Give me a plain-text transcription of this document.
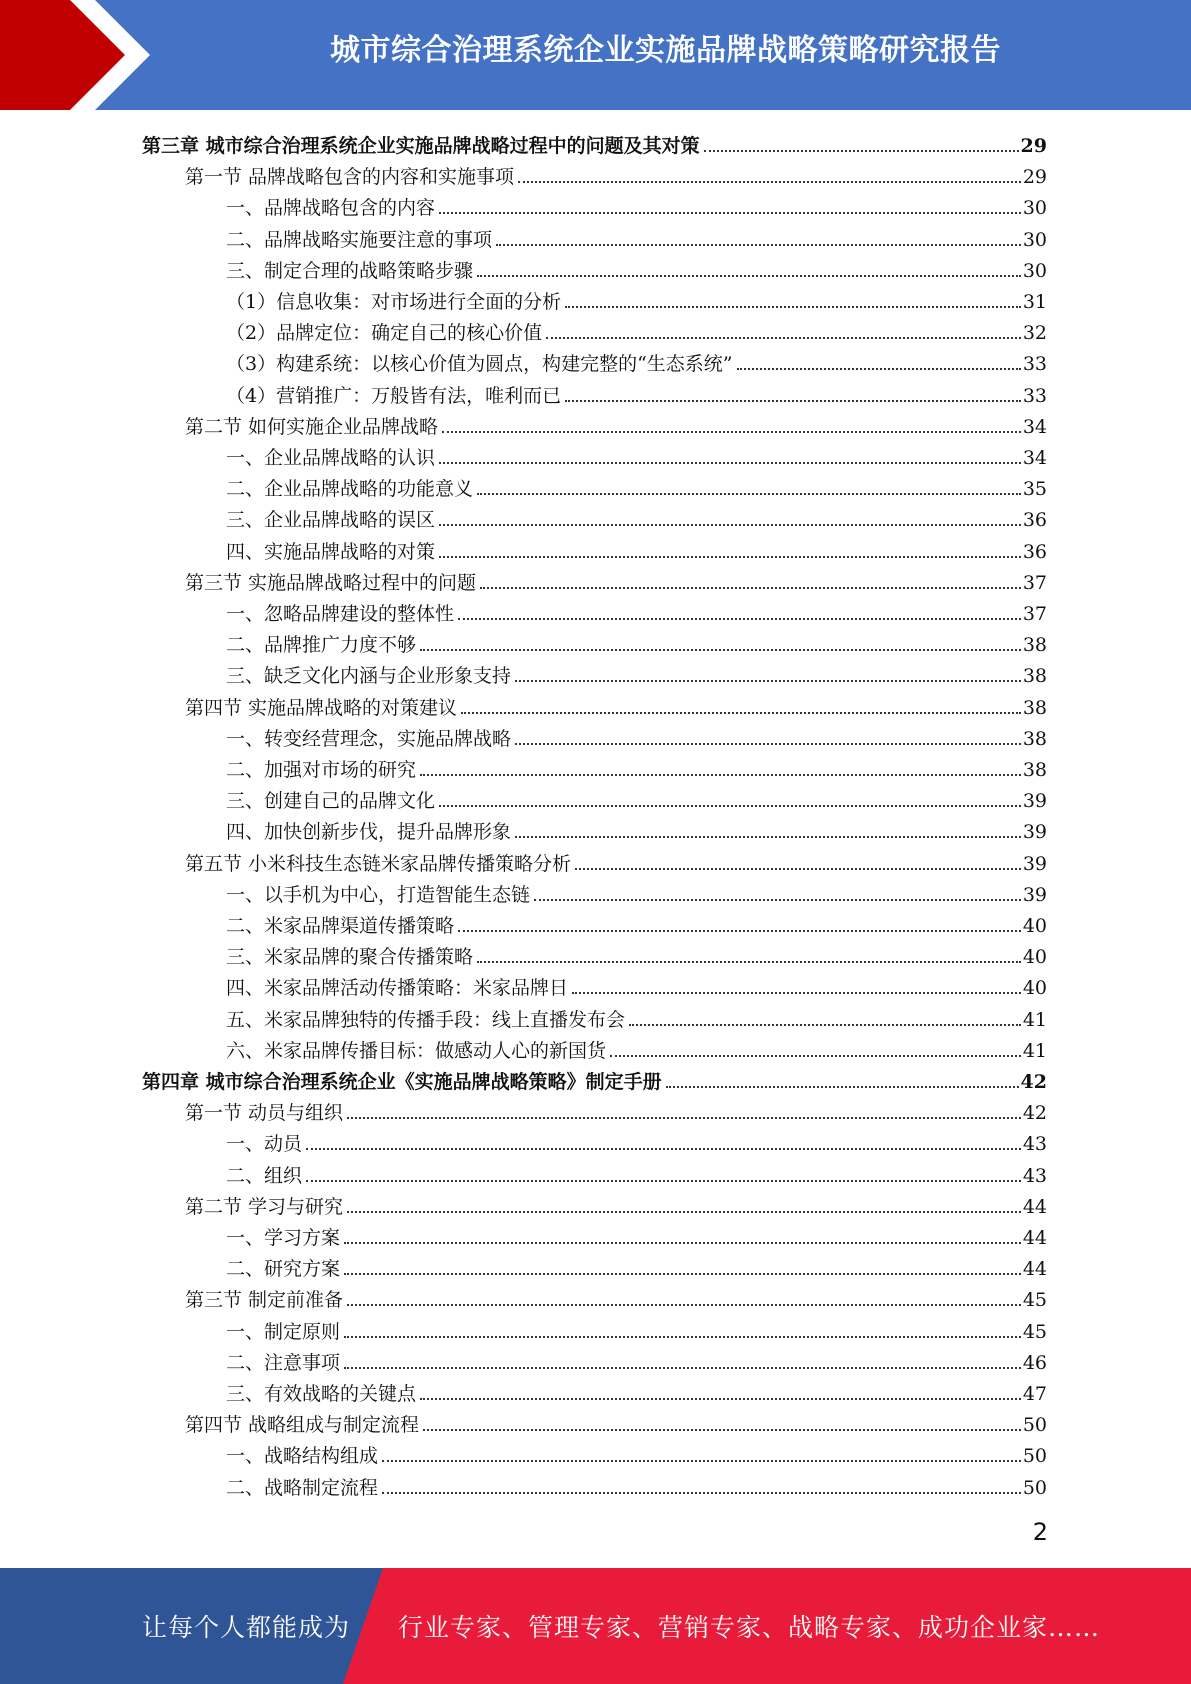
城市综合治理系统企业实施品牌战略策略研究报告
第三章 城市综合治理系统企业实施品牌战略过程中的问题及其对策	29
第一节 品牌战略包含的内容和实施事项	29
一、品牌战略包含的内容	30
二、品牌战略实施要注意的事项	30
三、制定合理的战略策略步骤	30
（1）信息收集：对市场进行全面的分析	31
（2）品牌定位：确定自己的核心价值	32
（3）构建系统：以核心价值为圆点，构建完整的“生态系统”	33
（4）营销推广：万般皆有法，唯利而已	33
第二节 如何实施企业品牌战略	34
一、企业品牌战略的认识	34
二、企业品牌战略的功能意义	35
三、企业品牌战略的误区	36
四、实施品牌战略的对策	36
第三节 实施品牌战略过程中的问题	37
一、忽略品牌建设的整体性	37
二、品牌推广力度不够	38
三、缺乏文化内涵与企业形象支持	38
第四节 实施品牌战略的对策建议	38
一、转变经营理念，实施品牌战略	38
二、加强对市场的研究	38
三、创建自己的品牌文化	39
四、加快创新步伐，提升品牌形象	39
第五节 小米科技生态链米家品牌传播策略分析	39
一、以手机为中心，打造智能生态链	39
二、米家品牌渠道传播策略	40
三、米家品牌的聚合传播策略	40
四、米家品牌活动传播策略：米家品牌日	40
五、米家品牌独特的传播手段：线上直播发布会	41
六、米家品牌传播目标：做感动人心的新国货	41
第四章 城市综合治理系统企业《实施品牌战略策略》制定手册	42
第一节 动员与组织	42
一、动员	43
二、组织	43
第二节 学习与研究	44
一、学习方案	44
二、研究方案	44
第三节 制定前准备	45
一、制定原则	45
二、注意事项	46
三、有效战略的关键点	47
第四节 战略组成与制定流程	50
一、战略结构组成	50
二、战略制定流程	50
2
让每个人都能成为 行业专家、管理专家、营销专家、战略专家、成功企业家……
